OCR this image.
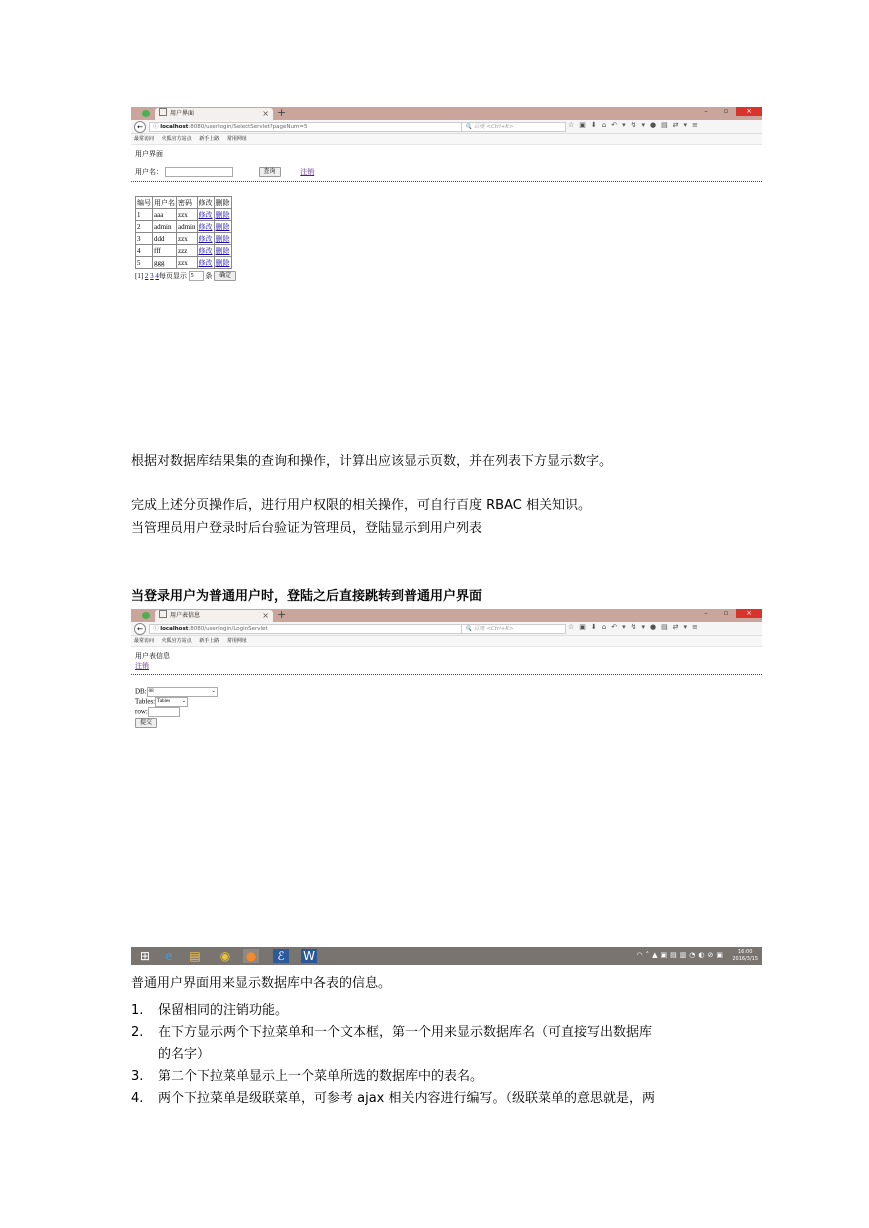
用户界面	× +	–	▫	×
←	ⓘ localhost:8080/userlogin/SelectServlet?pageNum=5	🔍 百度 <Ctrl+K>	☆▣⬇⌂↶▾↯▾●▤⇄▾≡
最常访问 火狐官方站点 新手上路 常用网址
用户界面
用户名：	查询	注销
编号	用户名	密码	修改	删除
1	aaa	zzx	修改	删除
2	admin	admin	修改	删除
3	ddd	zzx	修改	删除
4	fff	zzz	修改	删除
5	ggg	zzx	修改	删除
[1] 2 3 4每页显示 5 条 确定
根据对数据库结果集的查询和操作，计算出应该显示页数，并在列表下方显示数字。
完成上述分页操作后，进行用户权限的相关操作，可自行百度 RBAC 相关知识。
当管理员用户登录时后台验证为管理员，登陆显示到用户列表
当登录用户为普通用户时，登陆之后直接跳转到普通用户界面
用户表信息	× +	–	▫	×
←	ⓘ localhost:8080/userlogin/LoginServlet	🔍 百度 <Ctrl+K>	☆▣⬇⌂↶▾↯▾●▤⇄▾≡
最常访问 火狐官方站点 新手上路 常用网址
用户表信息
注销
DB: 08	⌄
Tables: Tables ⌄
row:
提交
⊞	e	▤ ◉ ●	ℰ	W	◠˄▲▣▤▥◔◐⊘▣	16:00
2016/3/15
普通用户界面用来显示数据库中各表的信息。
1. 保留相同的注销功能。
2. 在下方显示两个下拉菜单和一个文本框，第一个用来显示数据库名（可直接写出数据库
的名字）
3. 第二个下拉菜单显示上一个菜单所选的数据库中的表名。
4. 两个下拉菜单是级联菜单，可参考 ajax 相关内容进行编写。（级联菜单的意思就是，两
